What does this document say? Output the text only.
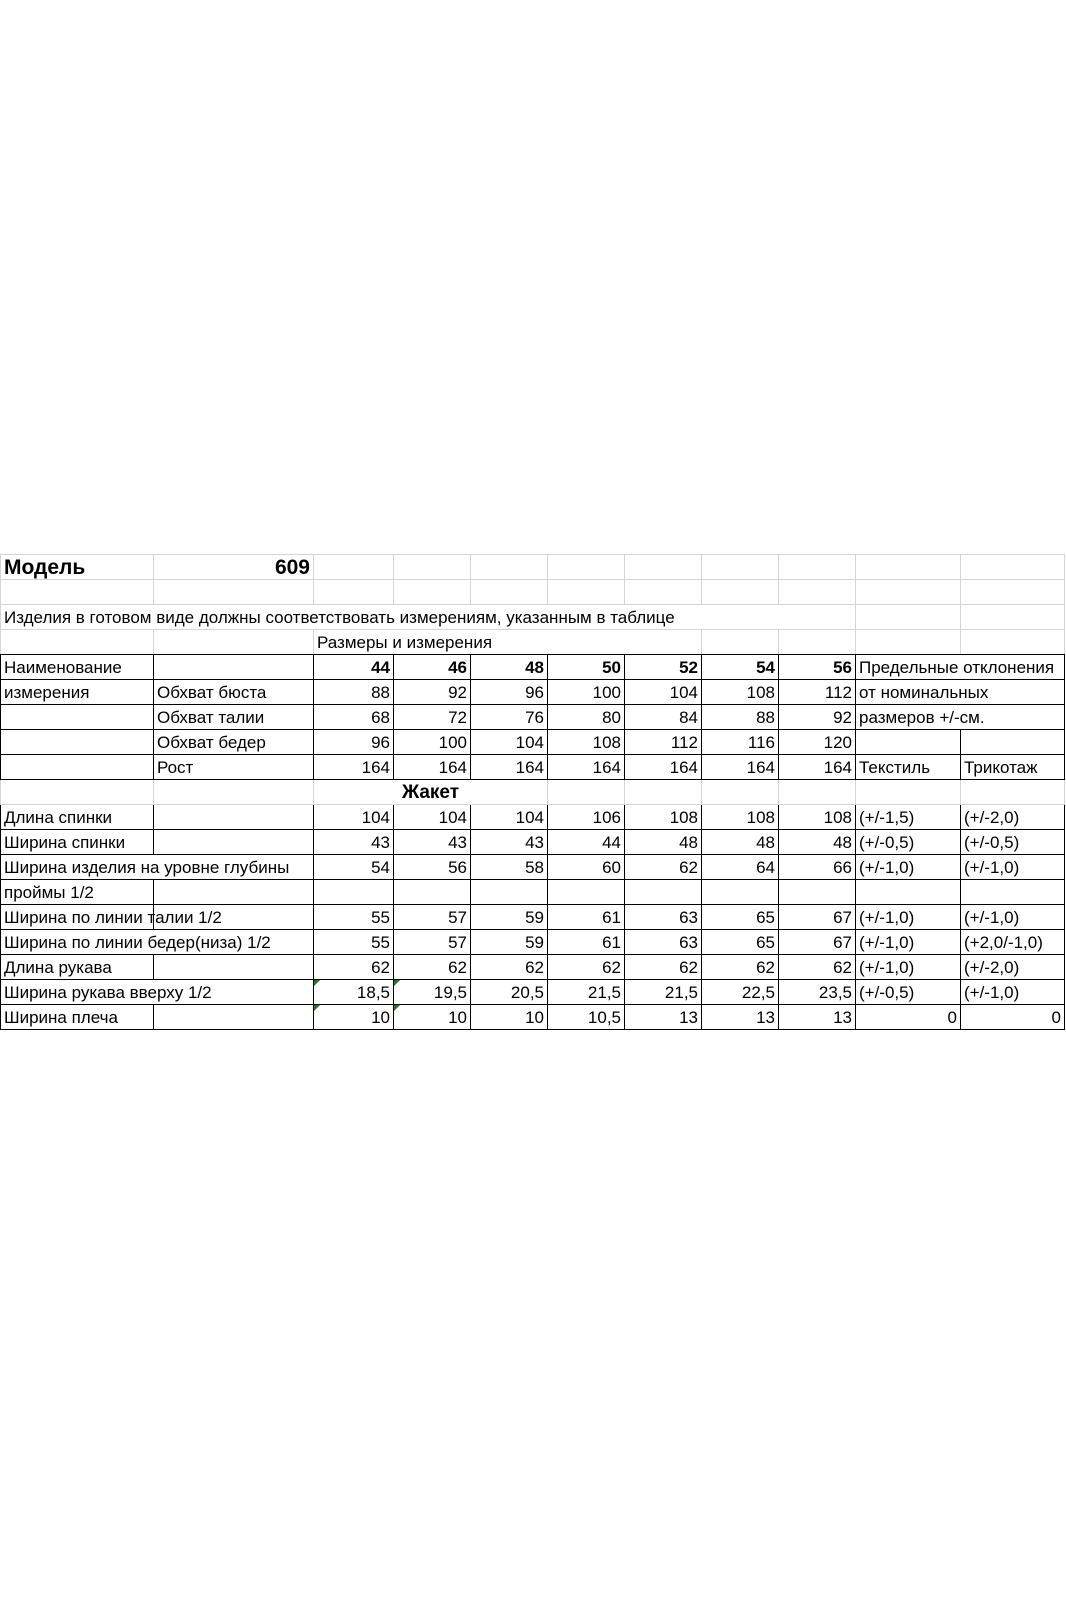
Модель	609									

Изделия в готовом виде должны соответствовать измерениям, указанным в таблице										
		Размеры и измерения								
Наименование		44	46	48	50	52	54	56	Предельные отклонения	
измерения	Обхват бюста	88	92	96	100	104	108	112	от номинальных	
	Обхват талии	68	72	76	80	84	88	92	размеров +/-см.	
	Обхват бедер	96	100	104	108	112	116	120		
	Рост	164	164	164	164	164	164	164	Текстиль	Трикотаж
		Жакет								
Длина спинки		104	104	104	106	108	108	108	(+/-1,5)	(+/-2,0)
Ширина спинки		43	43	43	44	48	48	48	(+/-0,5)	(+/-0,5)
Ширина изделия на уровне глубины		54	56	58	60	62	64	66	(+/-1,0)	(+/-1,0)
проймы 1/2										
Ширина по линии талии 1/2		55	57	59	61	63	65	67	(+/-1,0)	(+/-1,0)
Ширина по линии бедер(низа) 1/2		55	57	59	61	63	65	67	(+/-1,0)	(+2,0/-1,0)
Длина рукава		62	62	62	62	62	62	62	(+/-1,0)	(+/-2,0)
Ширина рукава вверху 1/2		18,5	19,5	20,5	21,5	21,5	22,5	23,5	(+/-0,5)	(+/-1,0)
Ширина плеча		10	10	10	10,5	13	13	13	0	0
